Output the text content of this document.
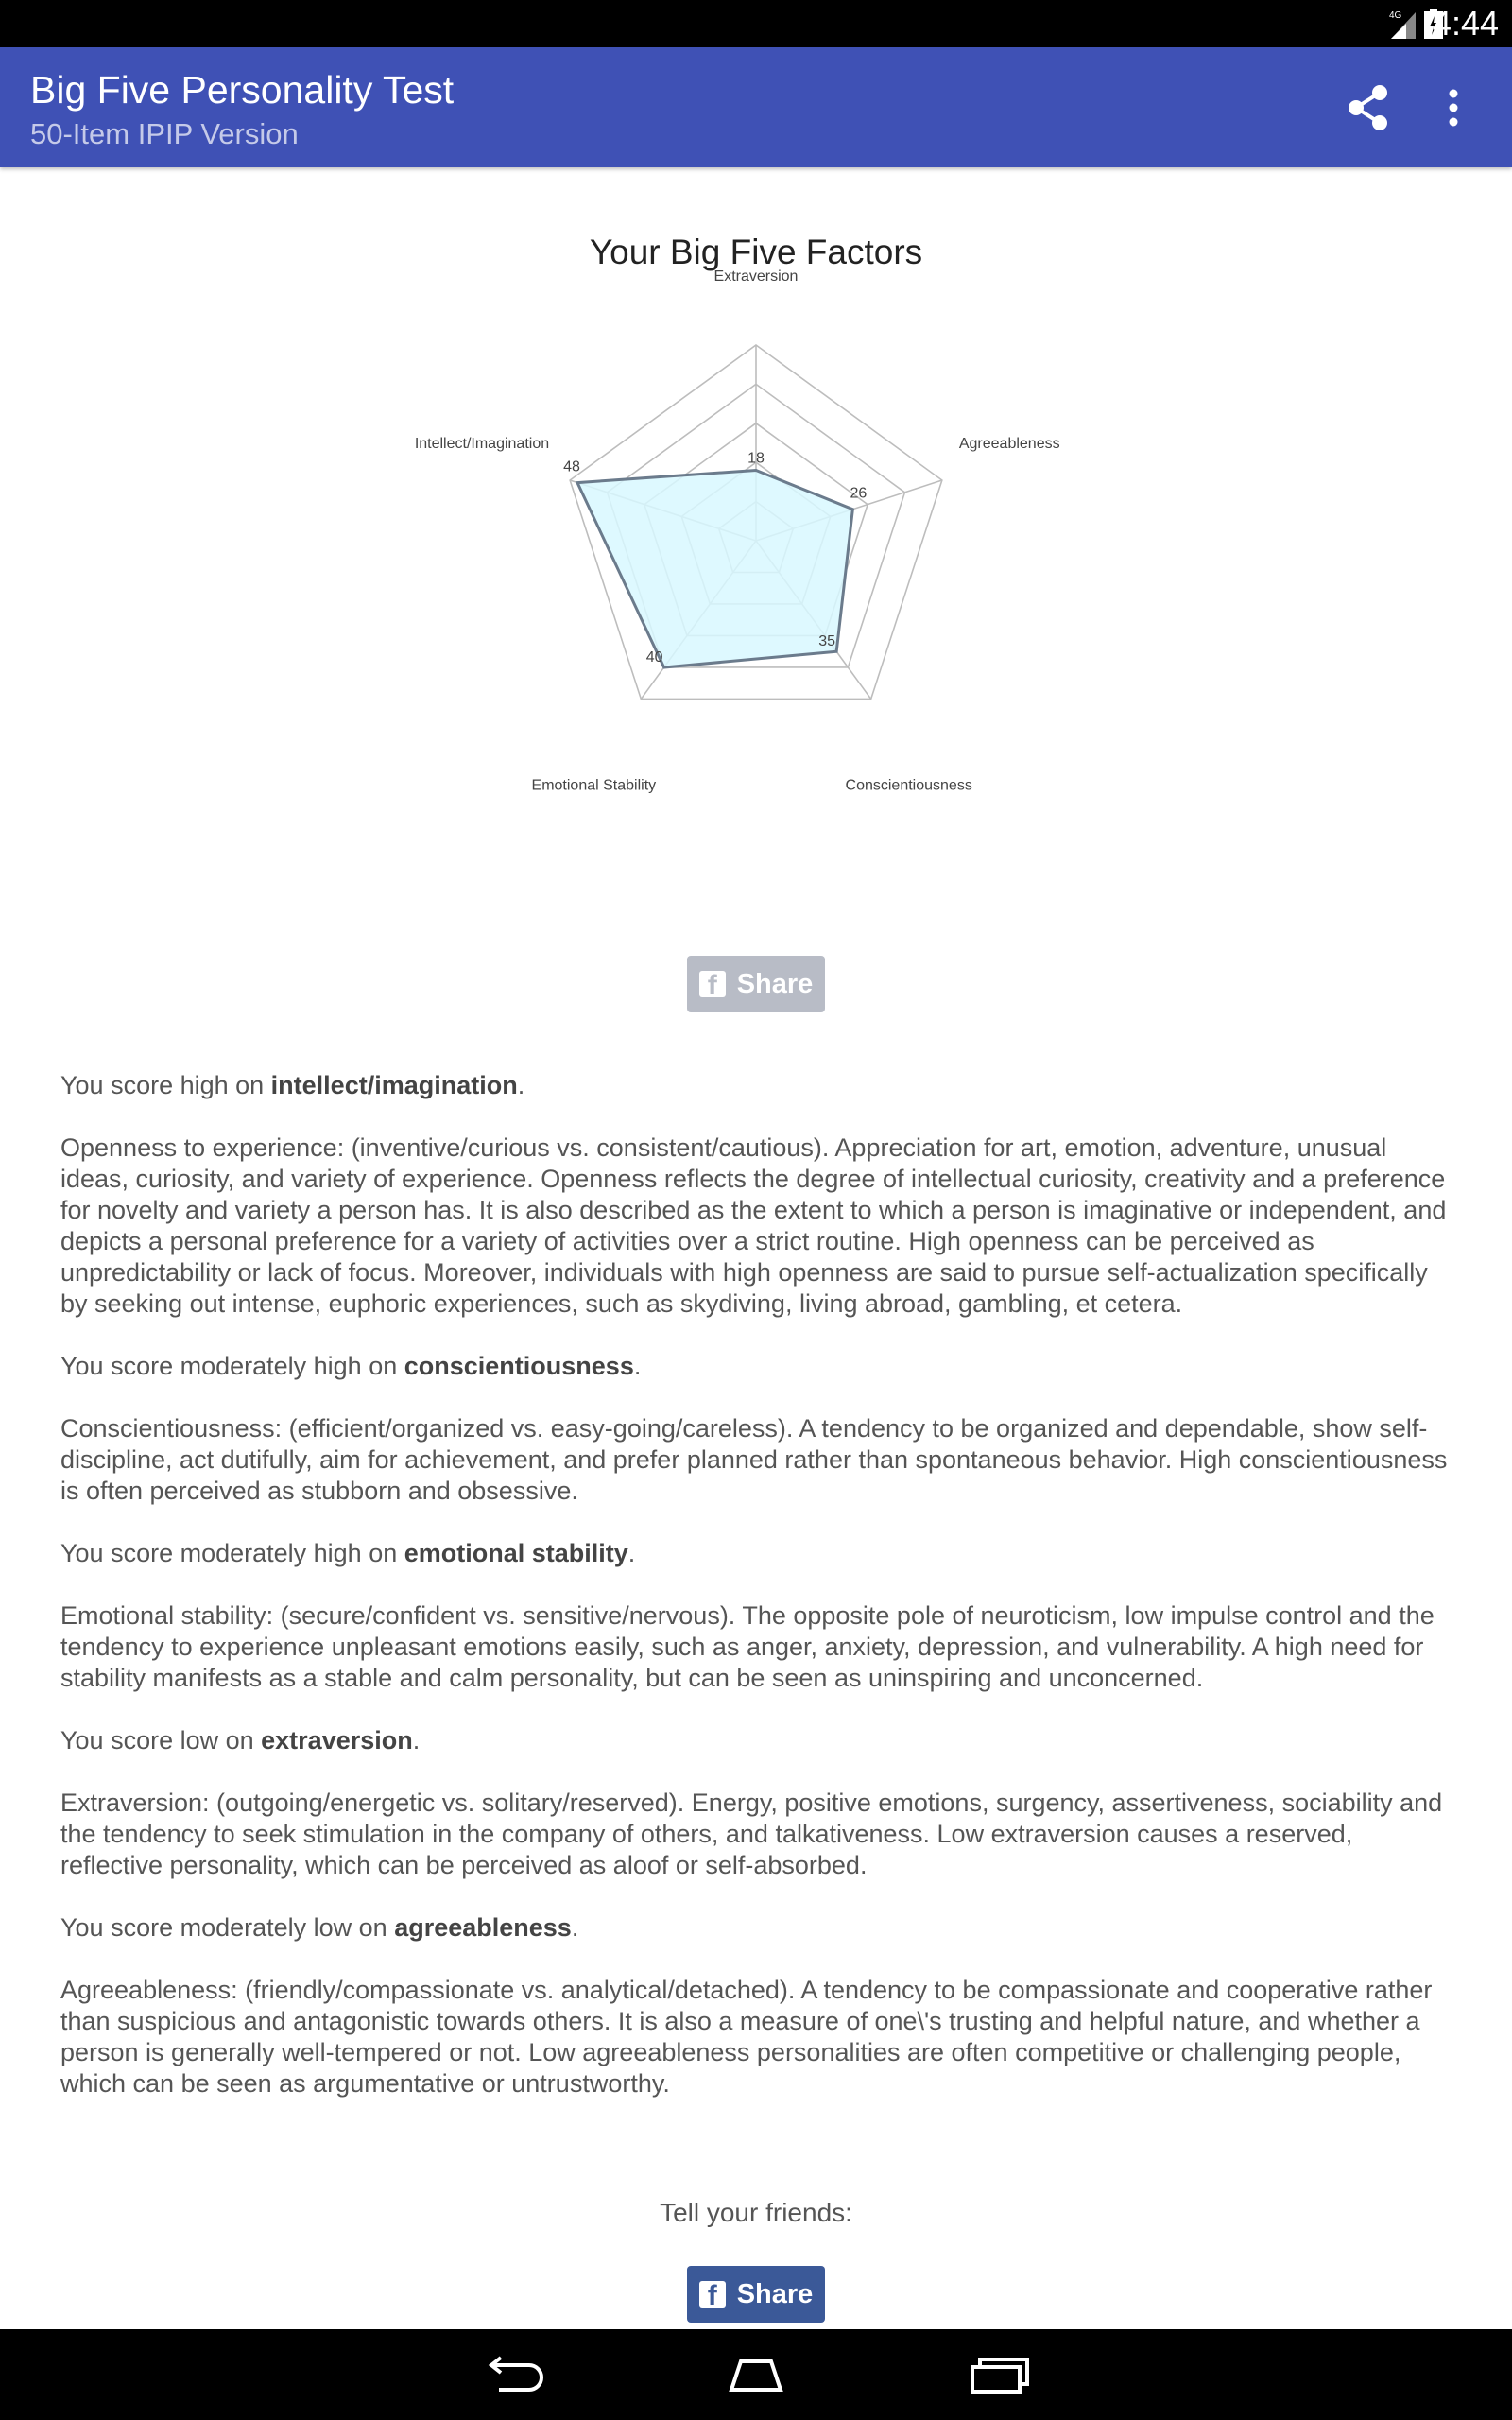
4G 4:44
Big Five Personality Test
50-Item IPIP Version
Your Big Five Factors
18
26
35
40
48
Extraversion
Agreeableness
Conscientiousness
Emotional Stability
Intellect/Imagination
f Share

You score high on intellect/imagination.

Openness to experience: (inventive/curious vs. consistent/cautious). Appreciation for art, emotion, adventure, unusual ideas, curiosity, and variety of experience. Openness reflects the degree of intellectual curiosity, creativity and a preference for novelty and variety a person has. It is also described as the extent to which a person is imaginative or independent, and depicts a personal preference for a variety of activities over a strict routine. High openness can be perceived as unpredictability or lack of focus. Moreover, individuals with high openness are said to pursue self-actualization specifically by seeking out intense, euphoric experiences, such as skydiving, living abroad, gambling, et cetera.

You score moderately high on conscientiousness.

Conscientiousness: (efficient/organized vs. easy-going/careless). A tendency to be organized and dependable, show self-discipline, act dutifully, aim for achievement, and prefer planned rather than spontaneous behavior. High conscientiousness is often perceived as stubborn and obsessive.

You score moderately high on emotional stability.

Emotional stability: (secure/confident vs. sensitive/nervous). The opposite pole of neuroticism, low impulse control and the tendency to experience unpleasant emotions easily, such as anger, anxiety, depression, and vulnerability. A high need for stability manifests as a stable and calm personality, but can be seen as uninspiring and unconcerned.

You score low on extraversion.

Extraversion: (outgoing/energetic vs. solitary/reserved). Energy, positive emotions, surgency, assertiveness, sociability and the tendency to seek stimulation in the company of others, and talkativeness. Low extraversion causes a reserved, reflective personality, which can be perceived as aloof or self-absorbed.

You score moderately low on agreeableness.

Agreeableness: (friendly/compassionate vs. analytical/detached). A tendency to be compassionate and cooperative rather than suspicious and antagonistic towards others. It is also a measure of one\'s trusting and helpful nature, and whether a person is generally well-tempered or not. Low agreeableness personalities are often competitive or challenging people, which can be seen as argumentative or untrustworthy.

Tell your friends:
f Share
